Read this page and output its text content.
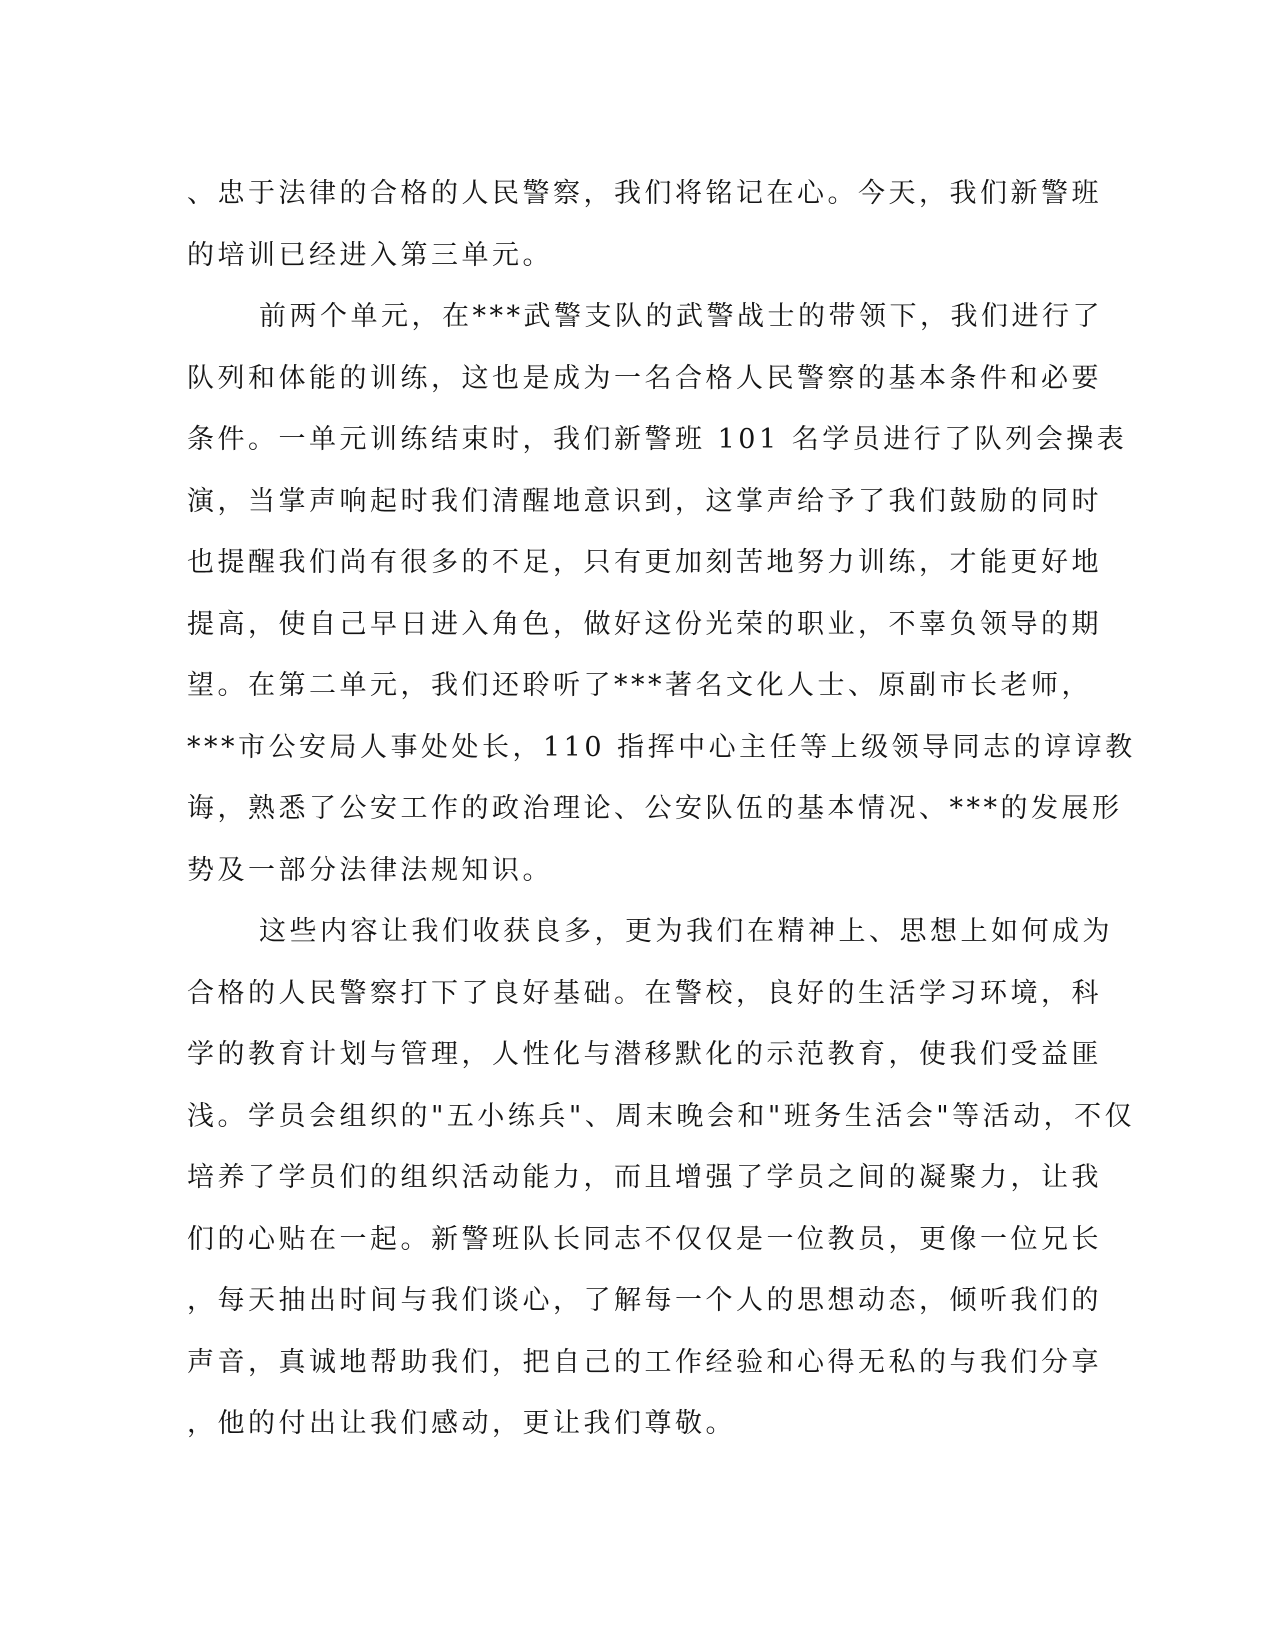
、忠于法律的合格的人民警察，我们将铭记在心。今天，我们新警班
的培训已经进入第三单元。
前两个单元，在***武警支队的武警战士的带领下，我们进行了
队列和体能的训练，这也是成为一名合格人民警察的基本条件和必要
条件。一单元训练结束时，我们新警班 101 名学员进行了队列会操表
演，当掌声响起时我们清醒地意识到，这掌声给予了我们鼓励的同时
也提醒我们尚有很多的不足，只有更加刻苦地努力训练，才能更好地
提高，使自己早日进入角色，做好这份光荣的职业，不辜负领导的期
望。在第二单元，我们还聆听了***著名文化人士、原副市长老师，
***市公安局人事处处长，110 指挥中心主任等上级领导同志的谆谆教
诲，熟悉了公安工作的政治理论、公安队伍的基本情况、***的发展形
势及一部分法律法规知识。
这些内容让我们收获良多，更为我们在精神上、思想上如何成为
合格的人民警察打下了良好基础。在警校，良好的生活学习环境，科
学的教育计划与管理，人性化与潜移默化的示范教育，使我们受益匪
浅。学员会组织的"五小练兵"、周末晚会和"班务生活会"等活动，不仅
培养了学员们的组织活动能力，而且增强了学员之间的凝聚力，让我
们的心贴在一起。新警班队长同志不仅仅是一位教员，更像一位兄长
，每天抽出时间与我们谈心，了解每一个人的思想动态，倾听我们的
声音，真诚地帮助我们，把自己的工作经验和心得无私的与我们分享
，他的付出让我们感动，更让我们尊敬。
